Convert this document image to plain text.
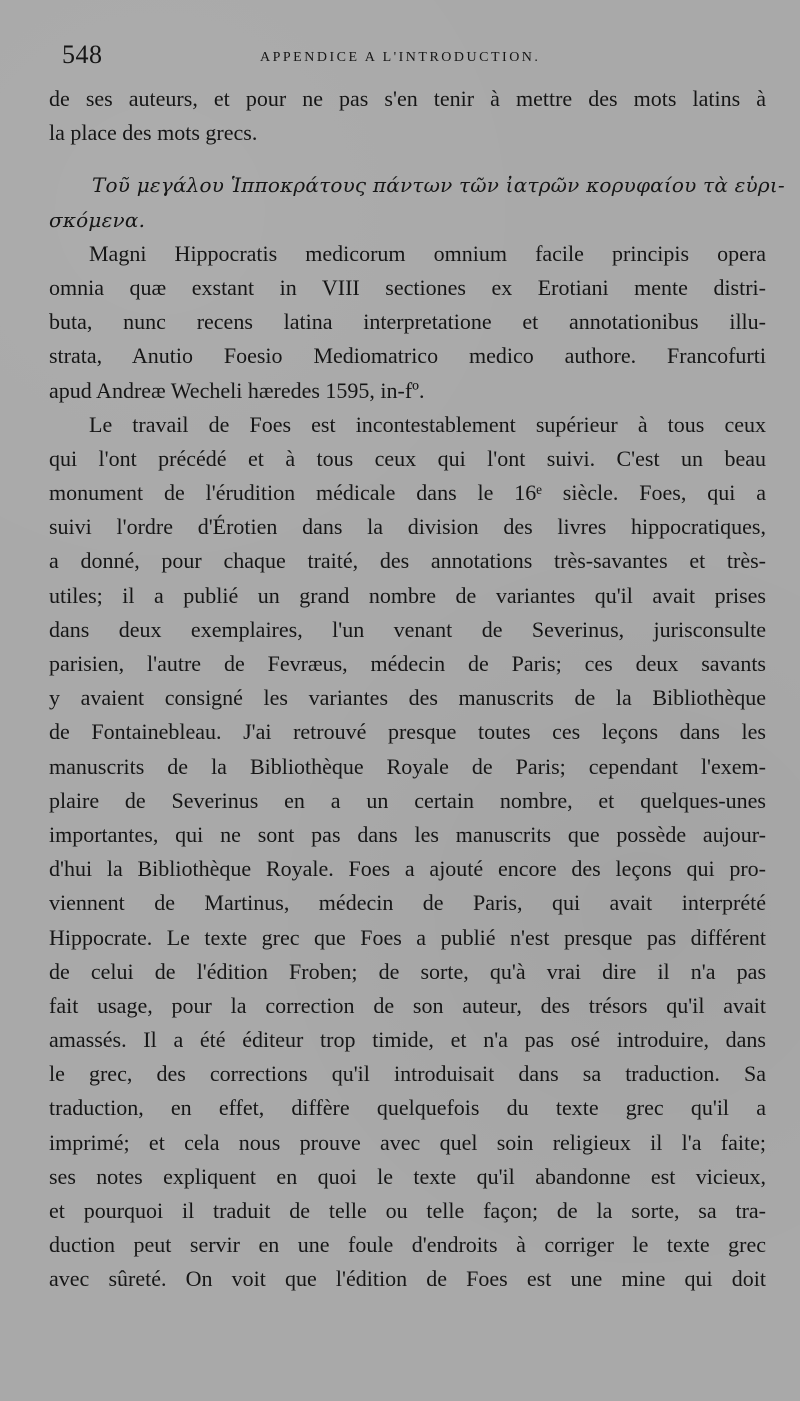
548	APPENDICE A L'INTRODUCTION.
de ses auteurs, et pour ne pas s'en tenir à mettre des mots latins à
la place des mots grecs.
Τοῦ μεγάλου Ἱπποκράτους πάντων τῶν ἰατρῶν κορυφαίου τὰ εὑρι-
σκόμενα.
Magni Hippocratis medicorum omnium facile principis opera
omnia quæ exstant in VIII sectiones ex Erotiani mente distri-
buta, nunc recens latina interpretatione et annotationibus illu-
strata, Anutio Foesio Mediomatrico medico authore. Francofurti
apud Andreæ Wecheli hæredes 1595, in-fº.
Le travail de Foes est incontestablement supérieur à tous ceux
qui l'ont précédé et à tous ceux qui l'ont suivi. C'est un beau
monument de l'érudition médicale dans le 16ᵉ siècle. Foes, qui a
suivi l'ordre d'Érotien dans la division des livres hippocratiques,
a donné, pour chaque traité, des annotations très-savantes et très-
utiles; il a publié un grand nombre de variantes qu'il avait prises
dans deux exemplaires, l'un venant de Severinus, jurisconsulte
parisien, l'autre de Fevræus, médecin de Paris; ces deux savants
y avaient consigné les variantes des manuscrits de la Bibliothèque
de Fontainebleau. J'ai retrouvé presque toutes ces leçons dans les
manuscrits de la Bibliothèque Royale de Paris; cependant l'exem-
plaire de Severinus en a un certain nombre, et quelques-unes
importantes, qui ne sont pas dans les manuscrits que possède aujour-
d'hui la Bibliothèque Royale. Foes a ajouté encore des leçons qui pro-
viennent de Martinus, médecin de Paris, qui avait interprété
Hippocrate. Le texte grec que Foes a publié n'est presque pas différent
de celui de l'édition Froben; de sorte, qu'à vrai dire il n'a pas
fait usage, pour la correction de son auteur, des trésors qu'il avait
amassés. Il a été éditeur trop timide, et n'a pas osé introduire, dans
le grec, des corrections qu'il introduisait dans sa traduction. Sa
traduction, en effet, diffère quelquefois du texte grec qu'il a
imprimé; et cela nous prouve avec quel soin religieux il l'a faite;
ses notes expliquent en quoi le texte qu'il abandonne est vicieux,
et pourquoi il traduit de telle ou telle façon; de la sorte, sa tra-
duction peut servir en une foule d'endroits à corriger le texte grec
avec sûreté. On voit que l'édition de Foes est une mine qui doit
